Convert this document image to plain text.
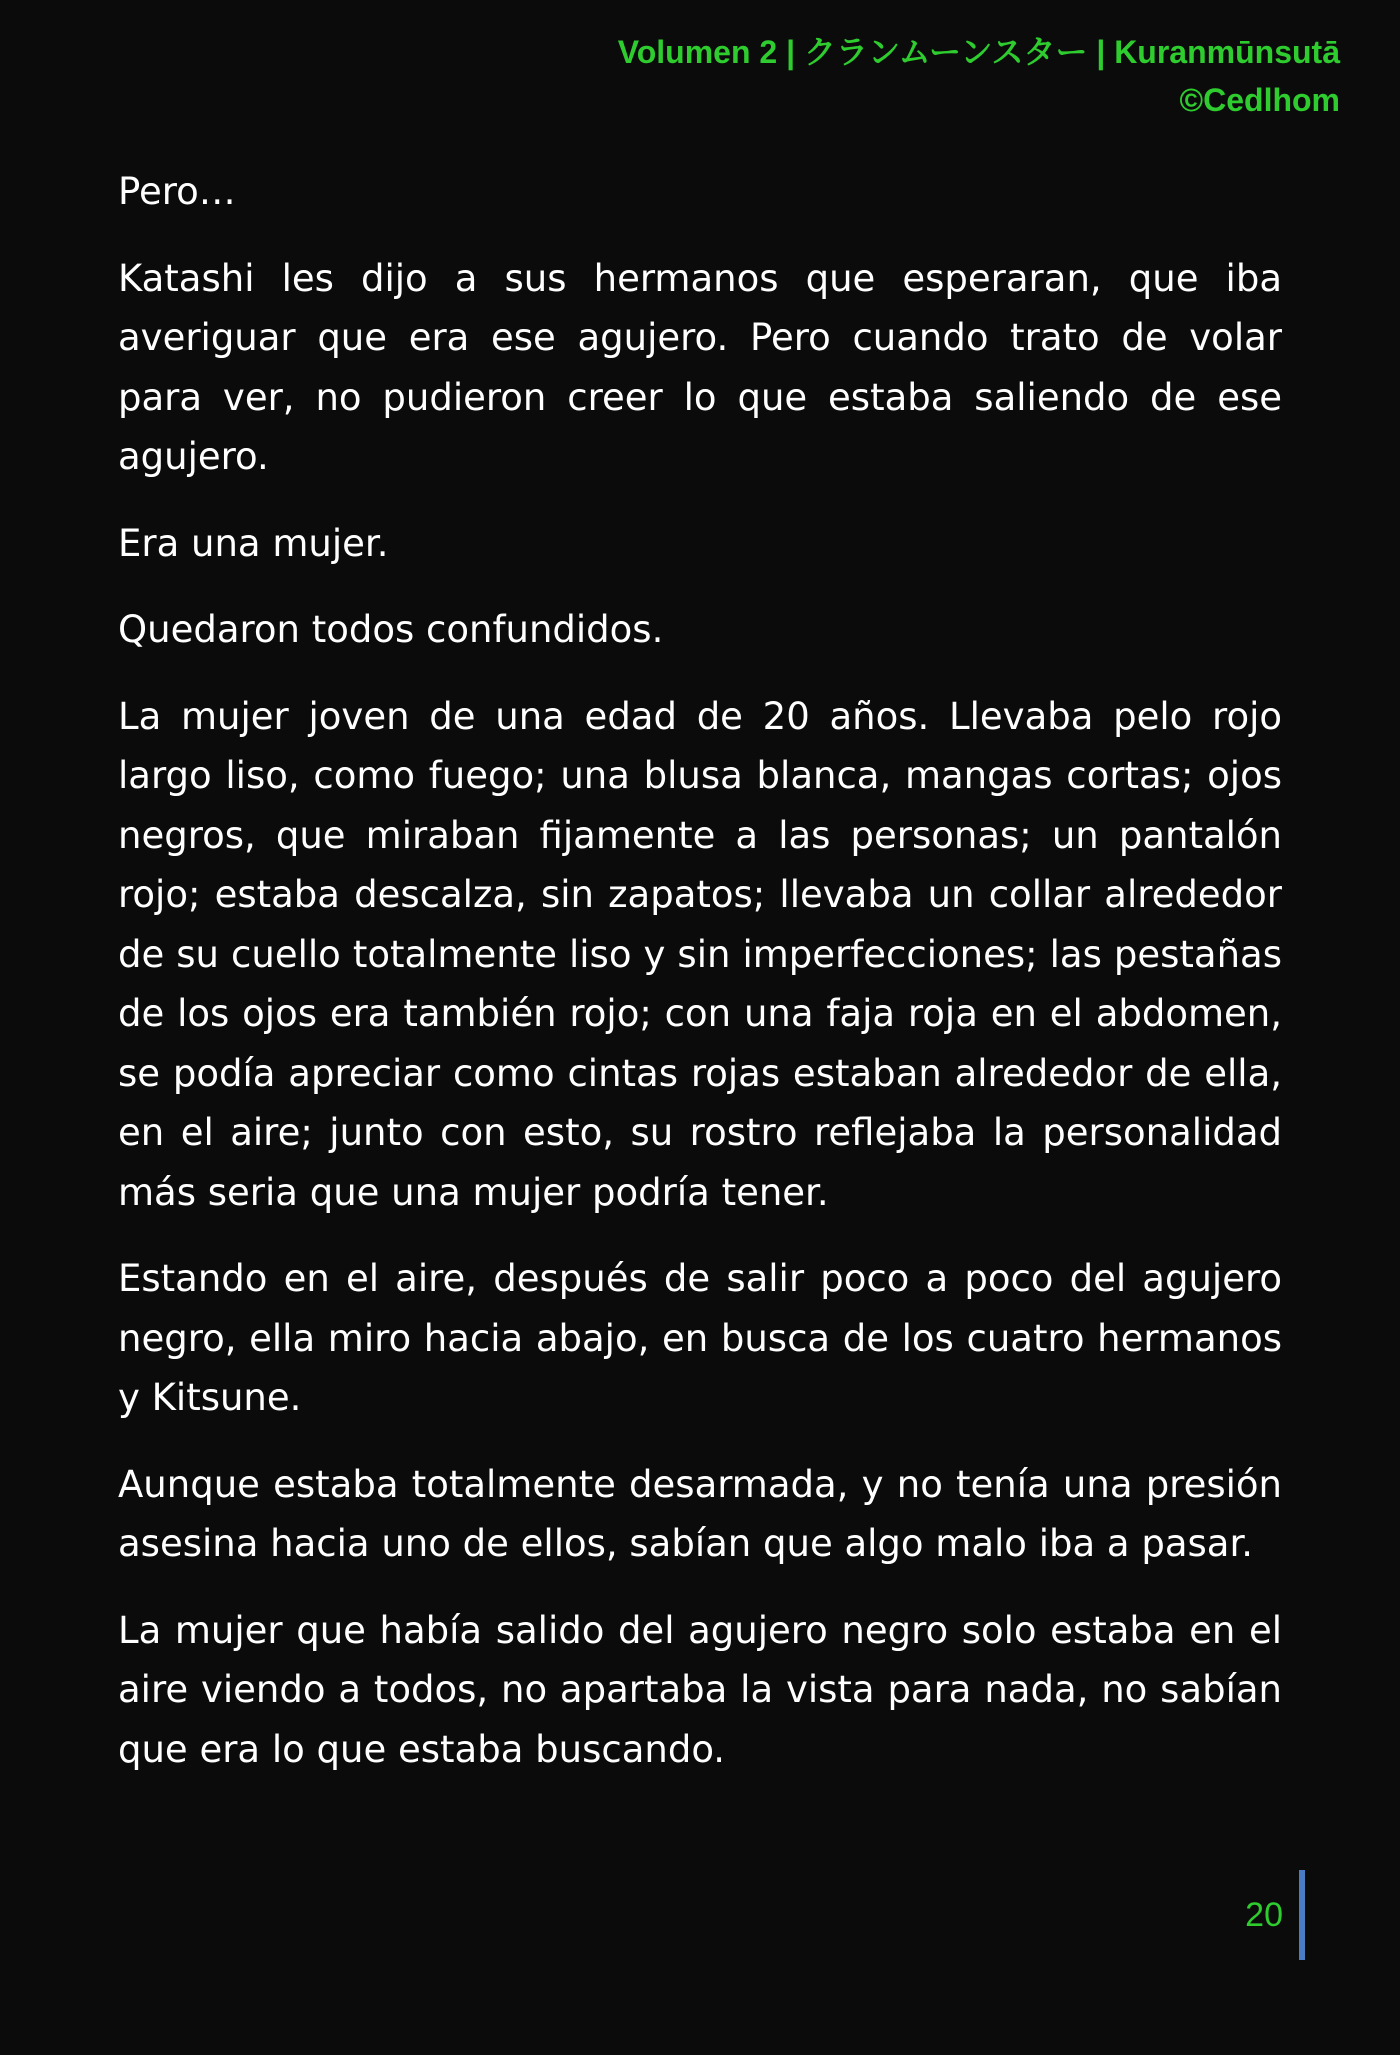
Volumen 2 | クランムーンスター | Kuranmūnsutā
©Cedlhom

Pero…

Katashi les dijo a sus hermanos que esperaran, que iba averiguar que era ese agujero. Pero cuando trato de volar para ver, no pudieron creer lo que estaba saliendo de ese agujero.

Era una mujer.

Quedaron todos confundidos.

La mujer joven de una edad de 20 años. Llevaba pelo rojo largo liso, como fuego; una blusa blanca, mangas cortas; ojos negros, que miraban fijamente a las personas; un pantalón rojo; estaba descalza, sin zapatos; llevaba un collar alrededor de su cuello totalmente liso y sin imperfecciones; las pestañas de los ojos era también rojo; con una faja roja en el abdomen, se podía apreciar como cintas rojas estaban alrededor de ella, en el aire; junto con esto, su rostro reflejaba la personalidad más seria que una mujer podría tener.

Estando en el aire, después de salir poco a poco del agujero negro, ella miro hacia abajo, en busca de los cuatro hermanos y Kitsune.

Aunque estaba totalmente desarmada, y no tenía una presión asesina hacia uno de ellos, sabían que algo malo iba a pasar.

La mujer que había salido del agujero negro solo estaba en el aire viendo a todos, no apartaba la vista para nada, no sabían que era lo que estaba buscando.

20
